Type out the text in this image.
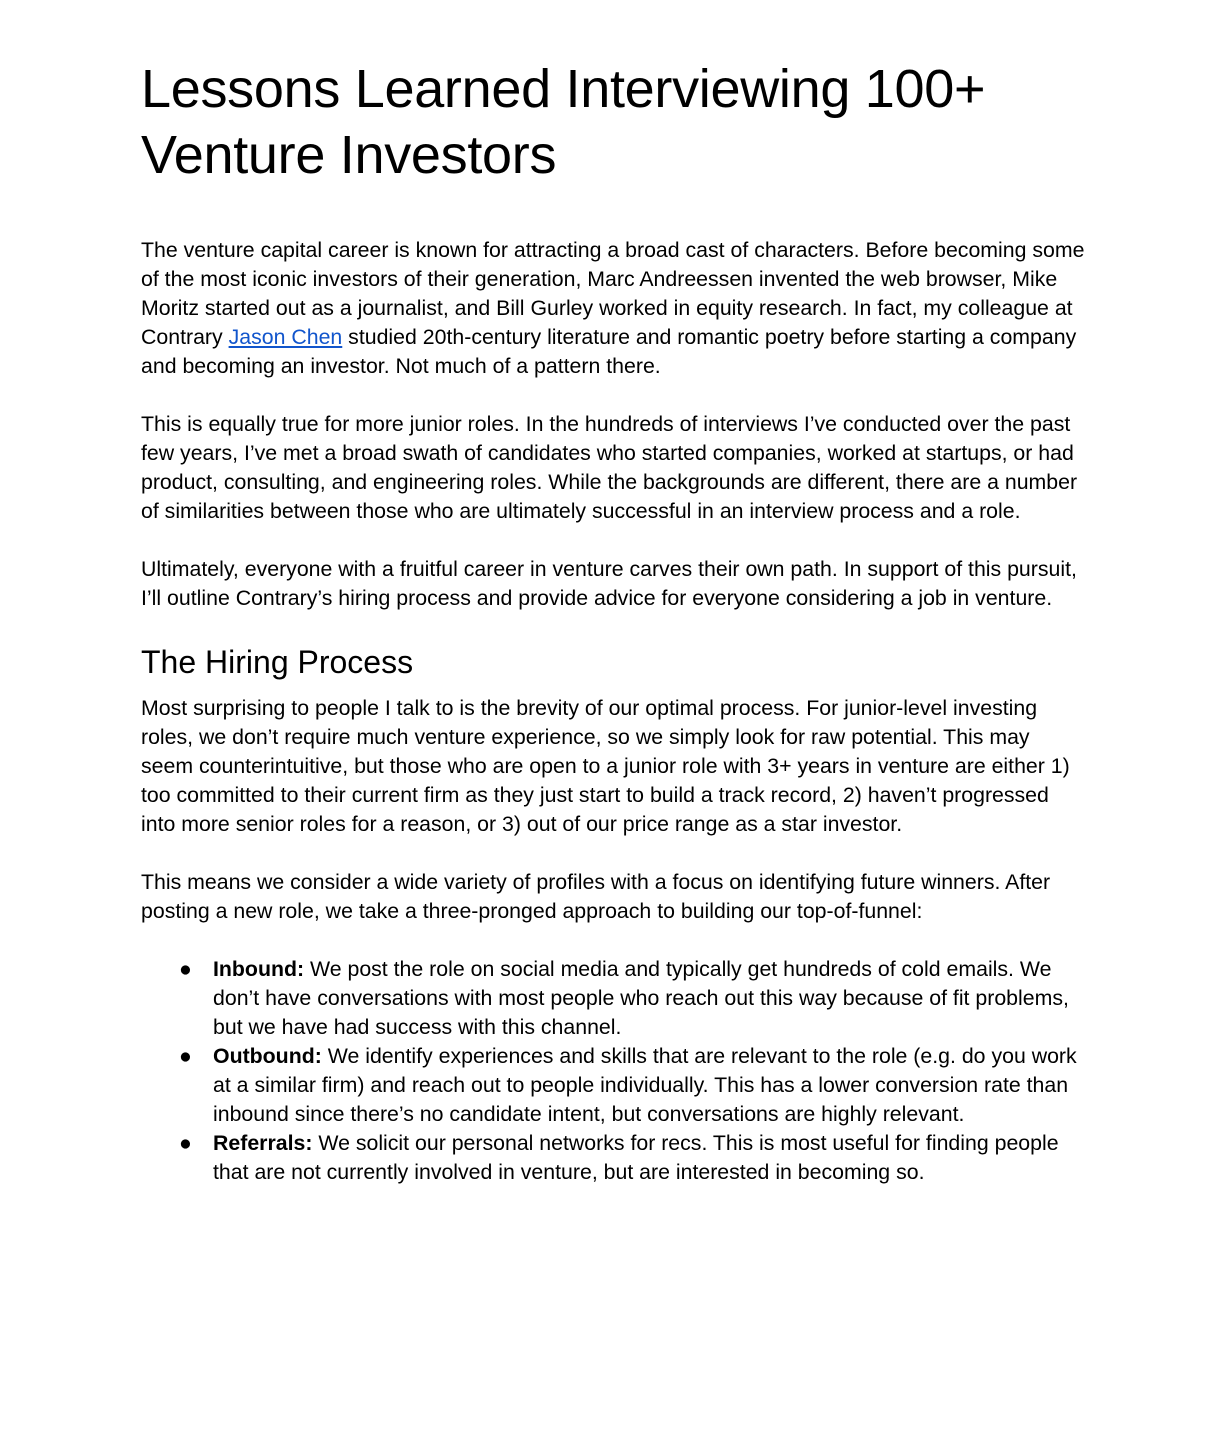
Lessons Learned Interviewing 100+ Venture Investors

The venture capital career is known for attracting a broad cast of characters. Before becoming some of the most iconic investors of their generation, Marc Andreessen invented the web browser, Mike Moritz started out as a journalist, and Bill Gurley worked in equity research. In fact, my colleague at Contrary Jason Chen studied 20th-century literature and romantic poetry before starting a company and becoming an investor. Not much of a pattern there.

This is equally true for more junior roles. In the hundreds of interviews I’ve conducted over the past few years, I’ve met a broad swath of candidates who started companies, worked at startups, or had product, consulting, and engineering roles. While the backgrounds are different, there are a number of similarities between those who are ultimately successful in an interview process and a role.

Ultimately, everyone with a fruitful career in venture carves their own path. In support of this pursuit, I’ll outline Contrary’s hiring process and provide advice for everyone considering a job in venture.

The Hiring Process

Most surprising to people I talk to is the brevity of our optimal process. For junior-level investing roles, we don’t require much venture experience, so we simply look for raw potential. This may seem counterintuitive, but those who are open to a junior role with 3+ years in venture are either 1) too committed to their current firm as they just start to build a track record, 2) haven’t progressed into more senior roles for a reason, or 3) out of our price range as a star investor.

This means we consider a wide variety of profiles with a focus on identifying future winners. After posting a new role, we take a three-pronged approach to building our top-of-funnel:

● Inbound: We post the role on social media and typically get hundreds of cold emails. We don’t have conversations with most people who reach out this way because of fit problems, but we have had success with this channel.
● Outbound: We identify experiences and skills that are relevant to the role (e.g. do you work at a similar firm) and reach out to people individually. This has a lower conversion rate than inbound since there’s no candidate intent, but conversations are highly relevant.
● Referrals: We solicit our personal networks for recs. This is most useful for finding people that are not currently involved in venture, but are interested in becoming so.
